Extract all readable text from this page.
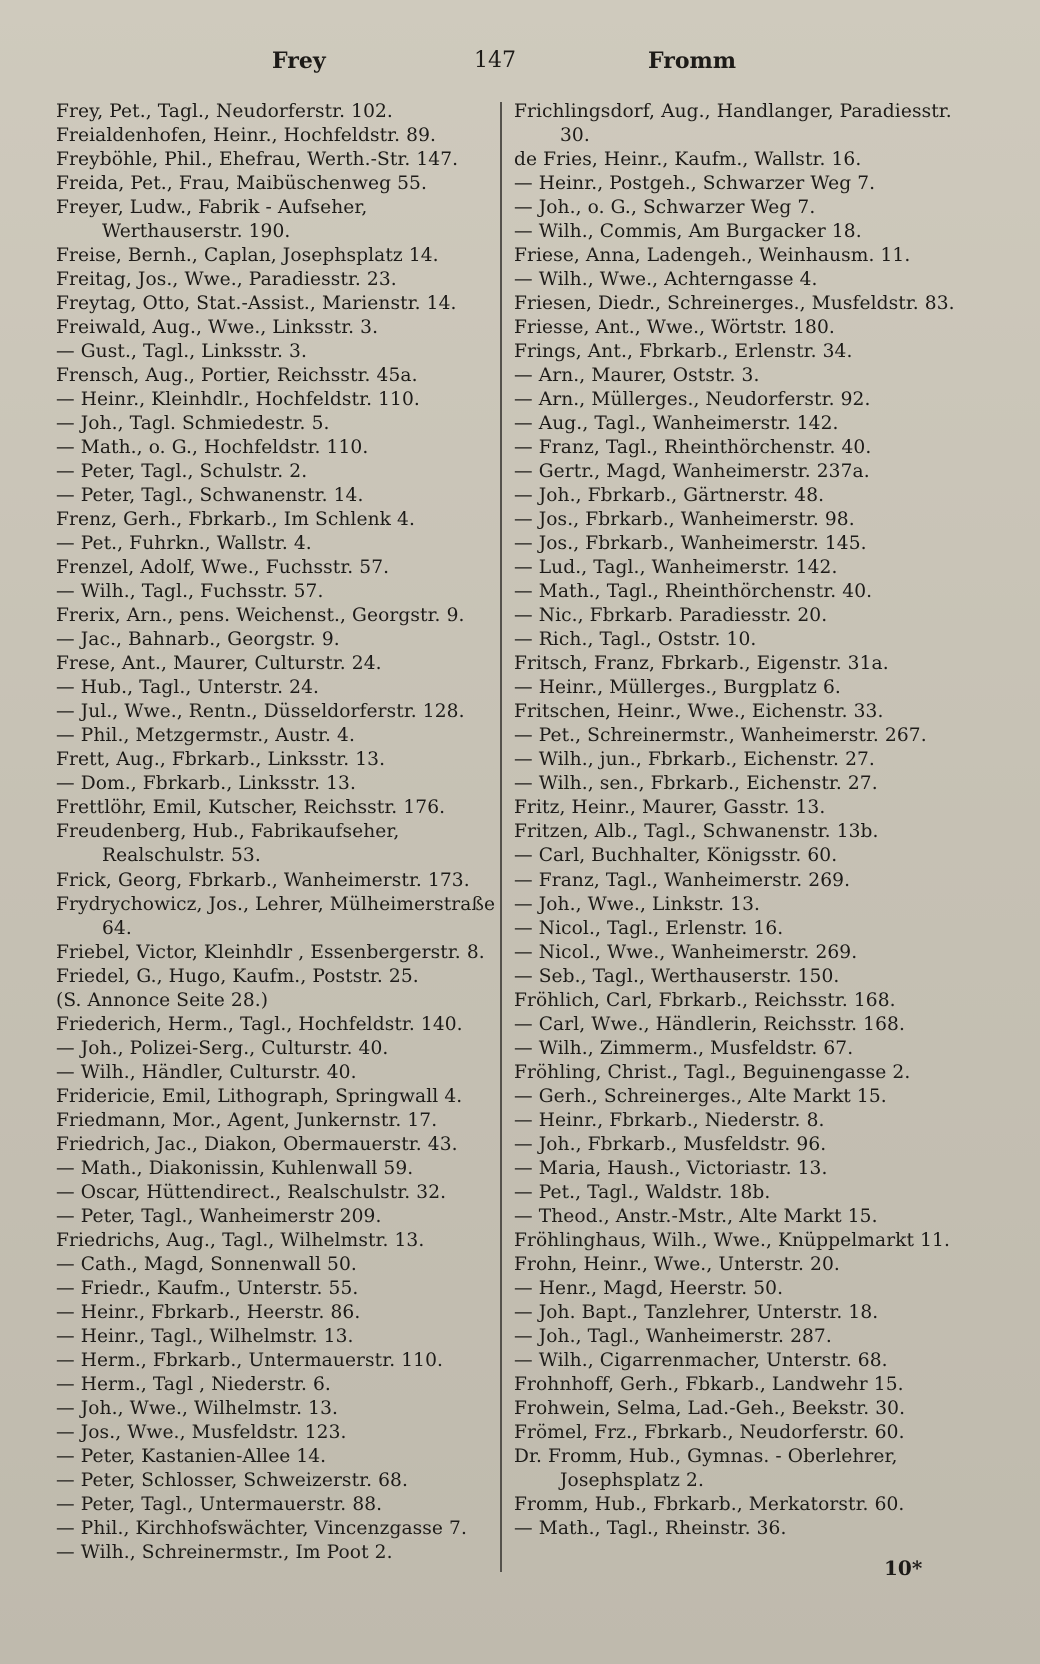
Frey	147	Fromm

Frey, Pet., Tagl., Neudorferstr. 102.

Freialdenhofen, Heinr., Hochfeldstr. 89.

Freyböhle, Phil., Ehefrau, Werth.-Str. 147.

Freida, Pet., Frau, Maibüschenweg 55.

Freyer, Ludw., Fabrik - Aufseher, Werthauserstr. 190.

Freise, Bernh., Caplan, Josephsplatz 14.

Freitag, Jos., Wwe., Paradiesstr. 23.

Freytag, Otto, Stat.-Assist., Marienstr. 14.

Freiwald, Aug., Wwe., Linksstr. 3.

— Gust., Tagl., Linksstr. 3.

Frensch, Aug., Portier, Reichsstr. 45a.

— Heinr., Kleinhdlr., Hochfeldstr. 110.

— Joh., Tagl. Schmiedestr. 5.

— Math., o. G., Hochfeldstr. 110.

— Peter, Tagl., Schulstr. 2.

— Peter, Tagl., Schwanenstr. 14.

Frenz, Gerh., Fbrkarb., Im Schlenk 4.

— Pet., Fuhrkn., Wallstr. 4.

Frenzel, Adolf, Wwe., Fuchsstr. 57.

— Wilh., Tagl., Fuchsstr. 57.

Frerix, Arn., pens. Weichenst., Georgstr. 9.

— Jac., Bahnarb., Georgstr. 9.

Frese, Ant., Maurer, Culturstr. 24.

— Hub., Tagl., Unterstr. 24.

— Jul., Wwe., Rentn., Düsseldorferstr. 128.

— Phil., Metzgermstr., Austr. 4.

Frett, Aug., Fbrkarb., Linksstr. 13.

— Dom., Fbrkarb., Linksstr. 13.

Frettlöhr, Emil, Kutscher, Reichsstr. 176.

Freudenberg, Hub., Fabrikaufseher, Realschulstr. 53.

Frick, Georg, Fbrkarb., Wanheimerstr. 173.

Frydrychowicz, Jos., Lehrer, Mülheimerstraße 64.

Friebel, Victor, Kleinhdlr , Essenbergerstr. 8.

Friedel, G., Hugo, Kaufm., Poststr. 25.

(S. Annonce Seite 28.)

Friederich, Herm., Tagl., Hochfeldstr. 140.

— Joh., Polizei-Serg., Culturstr. 40.

— Wilh., Händler, Culturstr. 40.

Fridericie, Emil, Lithograph, Springwall 4.

Friedmann, Mor., Agent, Junkernstr. 17.

Friedrich, Jac., Diakon, Obermauerstr. 43.

— Math., Diakonissin, Kuhlenwall 59.

— Oscar, Hüttendirect., Realschulstr. 32.

— Peter, Tagl., Wanheimerstr 209.

Friedrichs, Aug., Tagl., Wilhelmstr. 13.

— Cath., Magd, Sonnenwall 50.

— Friedr., Kaufm., Unterstr. 55.

— Heinr., Fbrkarb., Heerstr. 86.

— Heinr., Tagl., Wilhelmstr. 13.

— Herm., Fbrkarb., Untermauerstr. 110.

— Herm., Tagl , Niederstr. 6.

— Joh., Wwe., Wilhelmstr. 13.

— Jos., Wwe., Musfeldstr. 123.

— Peter, Kastanien-Allee 14.

— Peter, Schlosser, Schweizerstr. 68.

— Peter, Tagl., Untermauerstr. 88.

— Phil., Kirchhofswächter, Vincenzgasse 7.

— Wilh., Schreinermstr., Im Poot 2.

Frichlingsdorf, Aug., Handlanger, Paradiesstr. 30.

de Fries, Heinr., Kaufm., Wallstr. 16.

— Heinr., Postgeh., Schwarzer Weg 7.

— Joh., o. G., Schwarzer Weg 7.

— Wilh., Commis, Am Burgacker 18.

Friese, Anna, Ladengeh., Weinhausm. 11.

— Wilh., Wwe., Achterngasse 4.

Friesen, Diedr., Schreinerges., Musfeldstr. 83.

Friesse, Ant., Wwe., Wörtstr. 180.

Frings, Ant., Fbrkarb., Erlenstr. 34.

— Arn., Maurer, Oststr. 3.

— Arn., Müllerges., Neudorferstr. 92.

— Aug., Tagl., Wanheimerstr. 142.

— Franz, Tagl., Rheinthörchenstr. 40.

— Gertr., Magd, Wanheimerstr. 237a.

— Joh., Fbrkarb., Gärtnerstr. 48.

— Jos., Fbrkarb., Wanheimerstr. 98.

— Jos., Fbrkarb., Wanheimerstr. 145.

— Lud., Tagl., Wanheimerstr. 142.

— Math., Tagl., Rheinthörchenstr. 40.

— Nic., Fbrkarb. Paradiesstr. 20.

— Rich., Tagl., Oststr. 10.

Fritsch, Franz, Fbrkarb., Eigenstr. 31a.

— Heinr., Müllerges., Burgplatz 6.

Fritschen, Heinr., Wwe., Eichenstr. 33.

— Pet., Schreinermstr., Wanheimerstr. 267.

— Wilh., jun., Fbrkarb., Eichenstr. 27.

— Wilh., sen., Fbrkarb., Eichenstr. 27.

Fritz, Heinr., Maurer, Gasstr. 13.

Fritzen, Alb., Tagl., Schwanenstr. 13b.

— Carl, Buchhalter, Königsstr. 60.

— Franz, Tagl., Wanheimerstr. 269.

— Joh., Wwe., Linkstr. 13.

— Nicol., Tagl., Erlenstr. 16.

— Nicol., Wwe., Wanheimerstr. 269.

— Seb., Tagl., Werthauserstr. 150.

Fröhlich, Carl, Fbrkarb., Reichsstr. 168.

— Carl, Wwe., Händlerin, Reichsstr. 168.

— Wilh., Zimmerm., Musfeldstr. 67.

Fröhling, Christ., Tagl., Beguinengasse 2.

— Gerh., Schreinerges., Alte Markt 15.

— Heinr., Fbrkarb., Niederstr. 8.

— Joh., Fbrkarb., Musfeldstr. 96.

— Maria, Haush., Victoriastr. 13.

— Pet., Tagl., Waldstr. 18b.

— Theod., Anstr.-Mstr., Alte Markt 15.

Fröhlinghaus, Wilh., Wwe., Knüppelmarkt 11.

Frohn, Heinr., Wwe., Unterstr. 20.

— Henr., Magd, Heerstr. 50.

— Joh. Bapt., Tanzlehrer, Unterstr. 18.

— Joh., Tagl., Wanheimerstr. 287.

— Wilh., Cigarrenmacher, Unterstr. 68.

Frohnhoff, Gerh., Fbkarb., Landwehr 15.

Frohwein, Selma, Lad.-Geh., Beekstr. 30.

Frömel, Frz., Fbrkarb., Neudorferstr. 60.

Dr. Fromm, Hub., Gymnas. - Oberlehrer, Josephsplatz 2.

Fromm, Hub., Fbrkarb., Merkatorstr. 60.

— Math., Tagl., Rheinstr. 36.

10*
